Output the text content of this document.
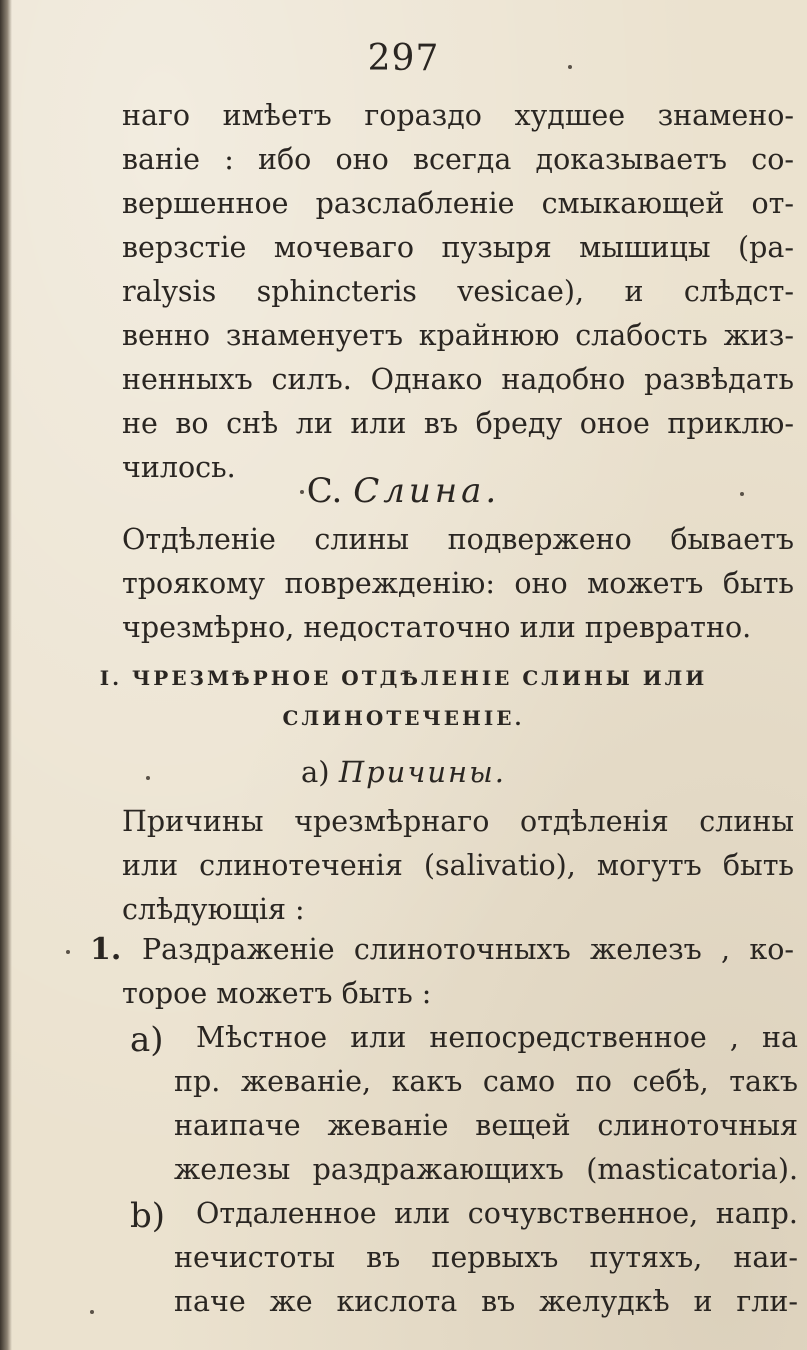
297
наго имѣетъ гораздо худшее знамено-
ваніе : ибо оно всегда доказываетъ со-
вершенное разслабленіе смыкающей от-
верзстіе мочеваго пузыря мышицы (pa-
ralysis sphincteris vesicae), и слѣдст-
венно знаменуетъ крайнюю слабость жиз-
ненныхъ силъ. Однако надобно развѣдать
не во снѣ ли или въ бреду оное приклю-
чилось.
C. Слина.
Отдѣленіе слины подвержено бываетъ
троякому поврежденію: оно можетъ быть
чрезмѣрно, недостаточно или превратно.
I. ЧРЕЗМѢРНОЕ ОТДѢЛЕНІЕ СЛИНЫ ИЛИ
СЛИНОТЕЧЕНІЕ.
a) Причины.
Причины чрезмѣрнаго отдѣленія слины
или слинотеченія (salivatio), могутъ быть
слѣдующія :
1. Раздраженіе слиноточныхъ железъ , ко-
торое можетъ быть :
a) Мѣстное или непосредственное , на
пр. жеваніе, какъ само по себѣ, такъ
наипаче жеваніе вещей слиноточныя
железы раздражающихъ (masticatoria).
b) Отдаленное или сочувственное, напр.
нечистоты въ первыхъ путяхъ, наи-
паче же кислота въ желудкѣ и гли-
